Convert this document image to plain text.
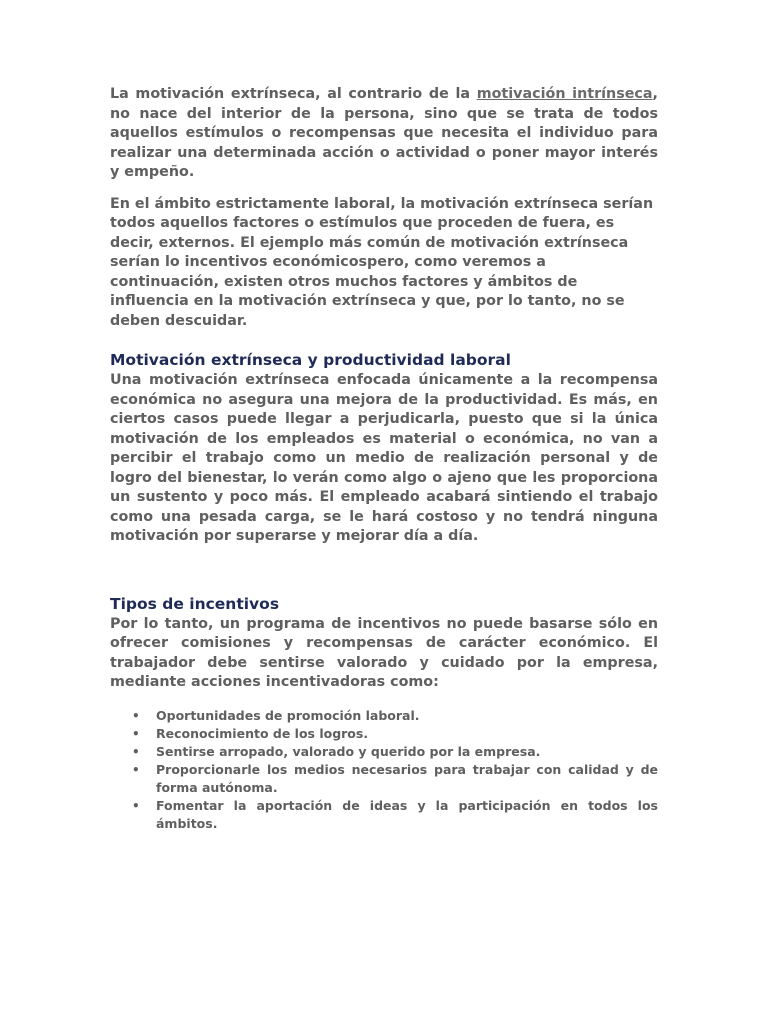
La motivación extrínseca, al contrario de la motivación intrínseca, no nace del interior de la persona, sino que se trata de todos aquellos estímulos o recompensas que necesita el individuo para realizar una determinada acción o actividad o poner mayor interés y empeño.

En el ámbito estrictamente laboral, la motivación extrínseca serían todos aquellos factores o estímulos que proceden de fuera, es decir, externos. El ejemplo más común de motivación extrínseca serían lo incentivos económicospero, como veremos a continuación, existen otros muchos factores y ámbitos de influencia en la motivación extrínseca y que, por lo tanto, no se deben descuidar.

Motivación extrínseca y productividad laboral

Una motivación extrínseca enfocada únicamente a la recompensa económica no asegura una mejora de la productividad. Es más, en ciertos casos puede llegar a perjudicarla, puesto que si la única motivación de los empleados es material o económica, no van a percibir el trabajo como un medio de realización personal y de logro del bienestar, lo verán como algo o ajeno que les proporciona un sustento y poco más. El empleado acabará sintiendo el trabajo como una pesada carga, se le hará costoso y no tendrá ninguna motivación por superarse y mejorar día a día.

Tipos de incentivos

Por lo tanto, un programa de incentivos no puede basarse sólo en ofrecer comisiones y recompensas de carácter económico. El trabajador debe sentirse valorado y cuidado por la empresa, mediante acciones incentivadoras como:

• Oportunidades de promoción laboral.
• Reconocimiento de los logros.
• Sentirse arropado, valorado y querido por la empresa.
• Proporcionarle los medios necesarios para trabajar con calidad y de forma autónoma.
• Fomentar la aportación de ideas y la participación en todos los ámbitos.
